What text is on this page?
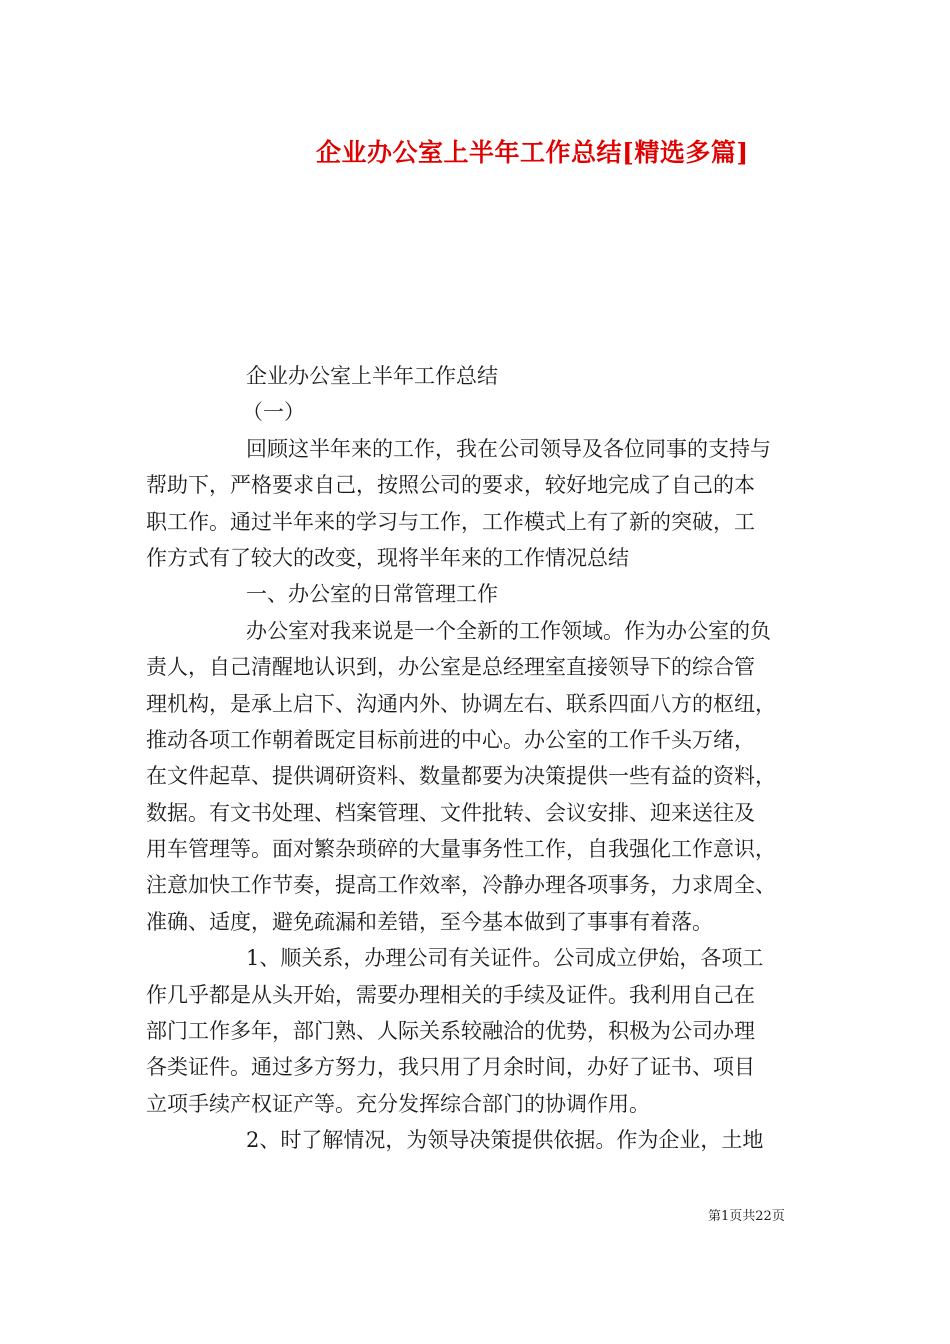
企业办公室上半年工作总结[精选多篇]
企业办公室上半年工作总结
（一）
回顾这半年来的工作，我在公司领导及各位同事的支持与
帮助下，严格要求自己，按照公司的要求，较好地完成了自己的本
职工作。通过半年来的学习与工作，工作模式上有了新的突破，工
作方式有了较大的改变，现将半年来的工作情况总结
一、办公室的日常管理工作
办公室对我来说是一个全新的工作领域。作为办公室的负
责人，自己清醒地认识到，办公室是总经理室直接领导下的综合管
理机构，是承上启下、沟通内外、协调左右、联系四面八方的枢纽，
推动各项工作朝着既定目标前进的中心。办公室的工作千头万绪，
在文件起草、提供调研资料、数量都要为决策提供一些有益的资料，
数据。有文书处理、档案管理、文件批转、会议安排、迎来送往及
用车管理等。面对繁杂琐碎的大量事务性工作，自我强化工作意识，
注意加快工作节奏，提高工作效率，冷静办理各项事务，力求周全、
准确、适度，避免疏漏和差错，至今基本做到了事事有着落。
1、顺关系，办理公司有关证件。公司成立伊始，各项工
作几乎都是从头开始，需要办理相关的手续及证件。我利用自己在
部门工作多年，部门熟、人际关系较融洽的优势，积极为公司办理
各类证件。通过多方努力，我只用了月余时间，办好了证书、项目
立项手续产权证产等。充分发挥综合部门的协调作用。
2、时了解情况，为领导决策提供依据。作为企业，土地
第1页共22页
